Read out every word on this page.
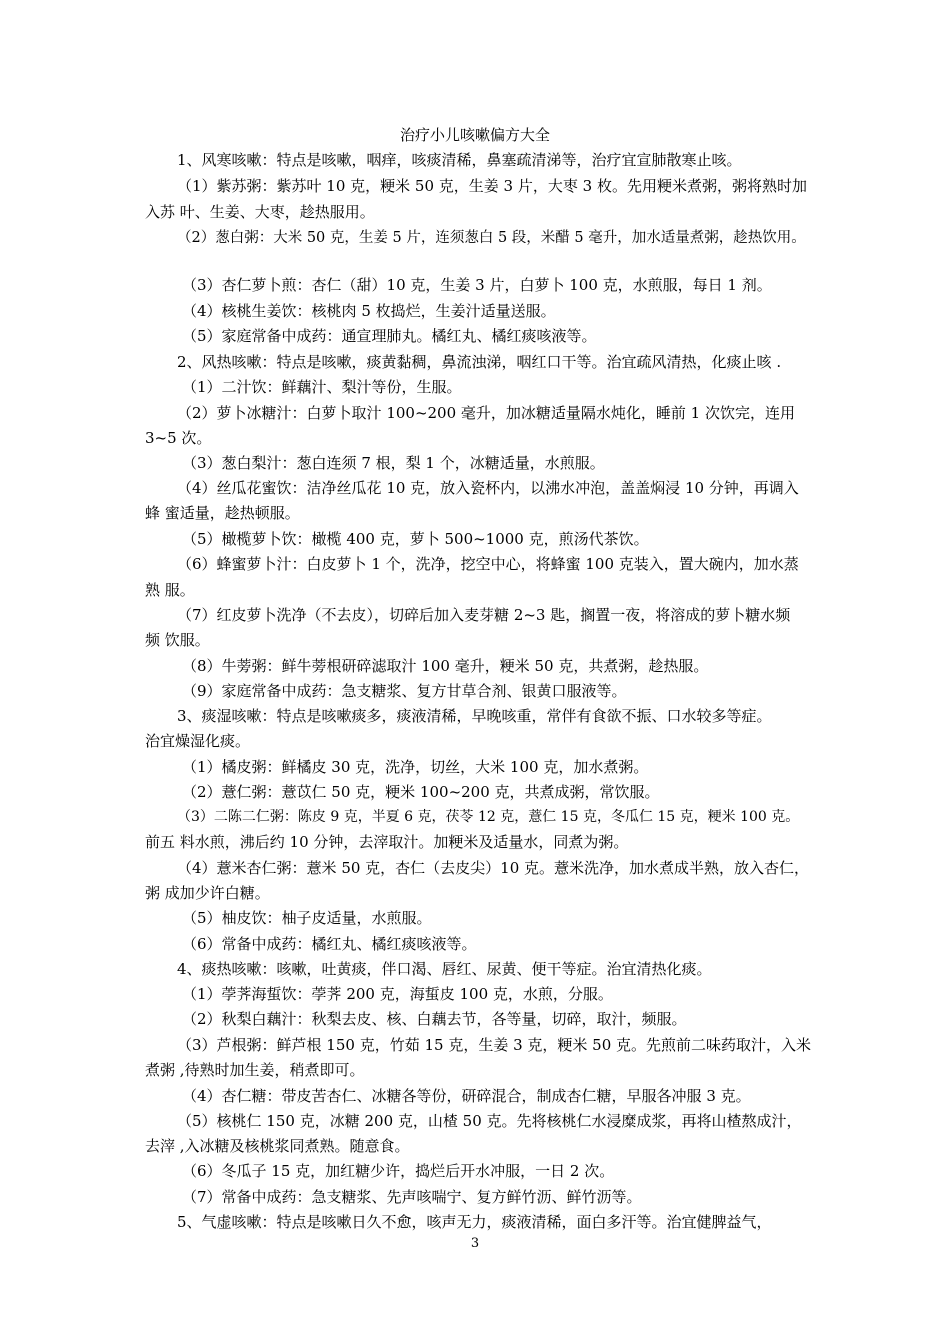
治疗小儿咳嗽偏方大全
1、风寒咳嗽：特点是咳嗽，咽痒，咳痰清稀，鼻塞疏清涕等，治疗宜宣肺散寒止咳。
（1）紫苏粥：紫苏叶 10 克，粳米 50 克，生姜 3 片，大枣 3 枚。先用粳米煮粥，粥将熟时加
入苏 叶、生姜、大枣，趁热服用。
（2）葱白粥：大米 50 克，生姜 5 片，连须葱白 5 段，米醋 5 毫升，加水适量煮粥，趁热饮用。
（3）杏仁萝卜煎：杏仁（甜）10 克，生姜 3 片，白萝卜 100 克，水煎服，每日 1 剂。
（4）核桃生姜饮：核桃肉 5 枚捣烂，生姜汁适量送服。
（5）家庭常备中成药：通宣理肺丸。橘红丸、橘红痰咳液等。
2、风热咳嗽：特点是咳嗽，痰黄黏稠，鼻流浊涕，咽红口干等。治宜疏风清热，化痰止咳 .
（1）二汁饮：鲜藕汁、梨汁等份，生服。
（2）萝卜冰糖汁：白萝卜取汁 100~200 毫升，加冰糖适量隔水炖化，睡前 1 次饮完，连用
3~5 次。
（3）葱白梨汁：葱白连须 7 根，梨 1 个，冰糖适量，水煎服。
（4）丝瓜花蜜饮：洁净丝瓜花 10 克，放入瓷杯内，以沸水冲泡，盖盖焖浸 10 分钟，再调入
蜂 蜜适量，趁热顿服。
（5）橄榄萝卜饮：橄榄 400 克，萝卜 500~1000 克，煎汤代茶饮。
（6）蜂蜜萝卜汁：白皮萝卜 1 个，洗净，挖空中心，将蜂蜜 100 克装入，置大碗内，加水蒸
熟 服。
（7）红皮萝卜洗净（不去皮），切碎后加入麦芽糖 2~3 匙，搁置一夜，将溶成的萝卜糖水频
频 饮服。
（8）牛蒡粥：鲜牛蒡根研碎滤取汁 100 毫升，粳米 50 克，共煮粥，趁热服。
（9）家庭常备中成药：急支糖浆、复方甘草合剂、银黄口服液等。
3、痰湿咳嗽：特点是咳嗽痰多，痰液清稀，早晚咳重，常伴有食欲不振、口水较多等症。
治宜燥湿化痰。
（1）橘皮粥：鲜橘皮 30 克，洗净，切丝，大米 100 克，加水煮粥。
（2）薏仁粥：薏苡仁 50 克，粳米 100~200 克，共煮成粥，常饮服。
（3）二陈二仁粥：陈皮 9 克，半夏 6 克，茯苓 12 克，薏仁 15 克，冬瓜仁 15 克，粳米 100 克。
前五 料水煎，沸后约 10 分钟，去滓取汁。加粳米及适量水，同煮为粥。
（4）薏米杏仁粥：薏米 50 克，杏仁（去皮尖）10 克。薏米洗净，加水煮成半熟，放入杏仁，
粥 成加少许白糖。
（5）柚皮饮：柚子皮适量，水煎服。
（6）常备中成药：橘红丸、橘红痰咳液等。
4、痰热咳嗽：咳嗽，吐黄痰，伴口渴、唇红、尿黄、便干等症。治宜清热化痰。
（1）荸荠海蜇饮：荸荠 200 克，海蜇皮 100 克，水煎，分服。
（2）秋梨白藕汁：秋梨去皮、核、白藕去节，各等量，切碎，取汁，频服。
（3）芦根粥：鲜芦根 150 克，竹茹 15 克，生姜 3 克，粳米 50 克。先煎前二味药取汁，入米
煮粥 ,待熟时加生姜，稍煮即可。
（4）杏仁糖：带皮苦杏仁、冰糖各等份，研碎混合，制成杏仁糖，早服各冲服 3 克。
（5）核桃仁 150 克，冰糖 200 克，山楂 50 克。先将核桃仁水浸糜成浆，再将山楂熬成汁，
去滓 ,入冰糖及核桃浆同煮熟。随意食。
（6）冬瓜子 15 克，加红糖少许，捣烂后开水冲服，一日 2 次。
（7）常备中成药：急支糖浆、先声咳喘宁、复方鲜竹沥、鲜竹沥等。
5、气虚咳嗽：特点是咳嗽日久不愈，咳声无力，痰液清稀，面白多汗等。治宜健脾益气，
3
